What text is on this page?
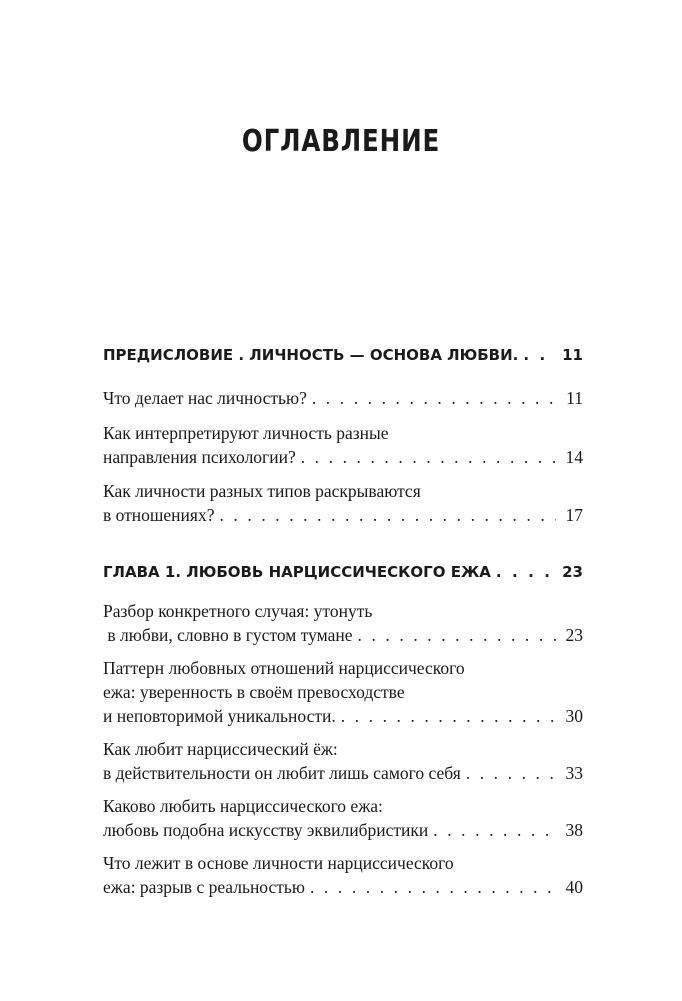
ОГЛАВЛЕНИЕ
ПРЕДИСЛОВИЕ . ЛИЧНОСТЬ — ОСНОВА ЛЮБВИ. . . .	11
Что делает нас личностью? . . .	11
Как интерпретируют личность разные
направления психологии? . . .	14
Как личности разных типов раскрываются
в отношениях? . . .	17
ГЛАВА 1. ЛЮБОВЬ НАРЦИССИЧЕСКОГО ЕЖА . . .	23
Разбор конкретного случая: утонуть
в любви, словно в густом тумане . . .	23
Паттерн любовных отношений нарциссического
ежа: уверенность в своём превосходстве
и неповторимой уникальности. . . .	30
Как любит нарциссический ёж:
в действительности он любит лишь самого себя . . .	33
Каково любить нарциссического ежа:
любовь подобна искусству эквилибристики . . .	38
Что лежит в основе личности нарциссического
ежа: разрыв с реальностью . . .	40
